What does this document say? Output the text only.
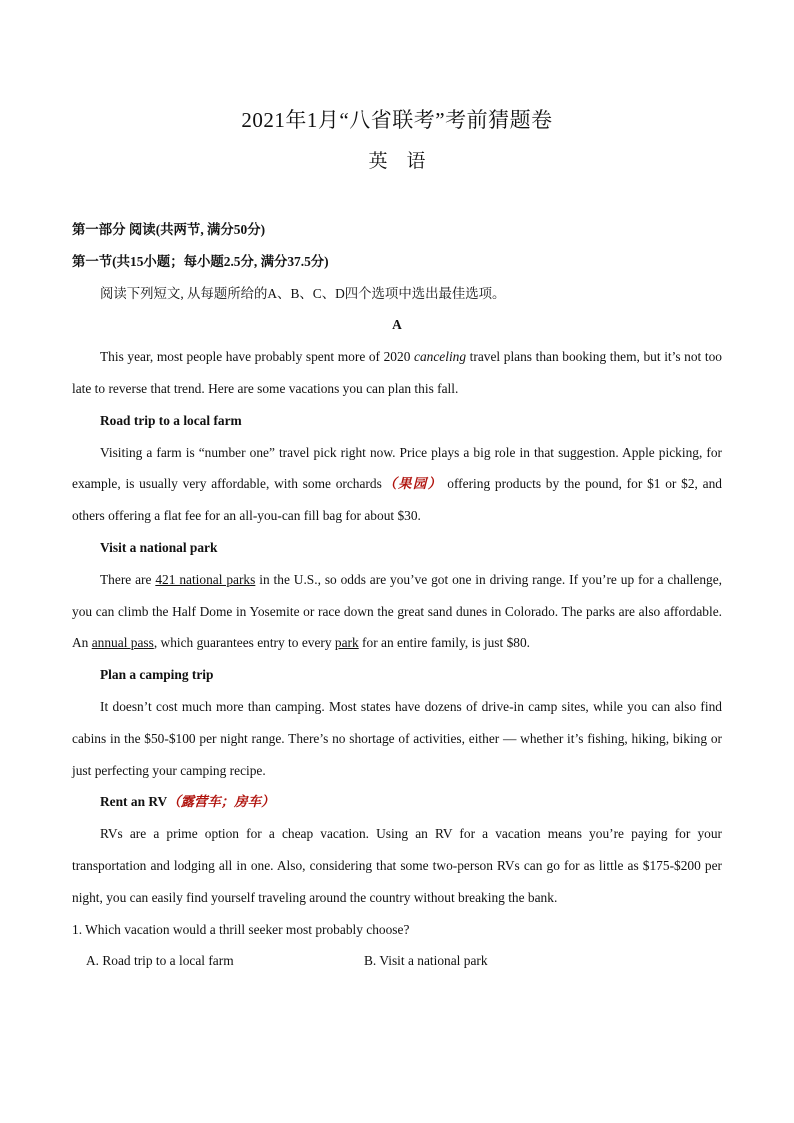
2021年1月“八省联考”考前猜题卷
英　语

第一部分 阅读(共两节, 满分50分)

第一节(共15小题；每小题2.5分, 满分37.5分)

阅读下列短文, 从每题所给的A、B、C、D四个选项中选出最佳选项。

A

This year, most people have probably spent more of 2020 canceling travel plans than booking them, but it’s not too late to reverse that trend. Here are some vacations you can plan this fall.

Road trip to a local farm

Visiting a farm is “number one” travel pick right now. Price plays a big role in that suggestion. Apple picking, for example, is usually very affordable, with some orchards（果园） offering products by the pound, for $1 or $2, and others offering a flat fee for an all-you-can fill bag for about $30.

Visit a national park

There are 421 national parks in the U.S., so odds are you’ve got one in driving range. If you’re up for a challenge, you can climb the Half Dome in Yosemite or race down the great sand dunes in Colorado. The parks are also affordable. An annual pass, which guarantees entry to every park for an entire family, is just $80.

Plan a camping trip

It doesn’t cost much more than camping. Most states have dozens of drive-in camp sites, while you can also find cabins in the $50-$100 per night range. There’s no shortage of activities, either — whether it’s fishing, hiking, biking or just perfecting your camping recipe.

Rent an RV（露营车；房车）

RVs are a prime option for a cheap vacation. Using an RV for a vacation means you’re paying for your transportation and lodging all in one. Also, considering that some two-person RVs can go for as little as $175-$200 per night, you can easily find yourself traveling around the country without breaking the bank.

1. Which vacation would a thrill seeker most probably choose?

A. Road trip to a local farm	B. Visit a national park
